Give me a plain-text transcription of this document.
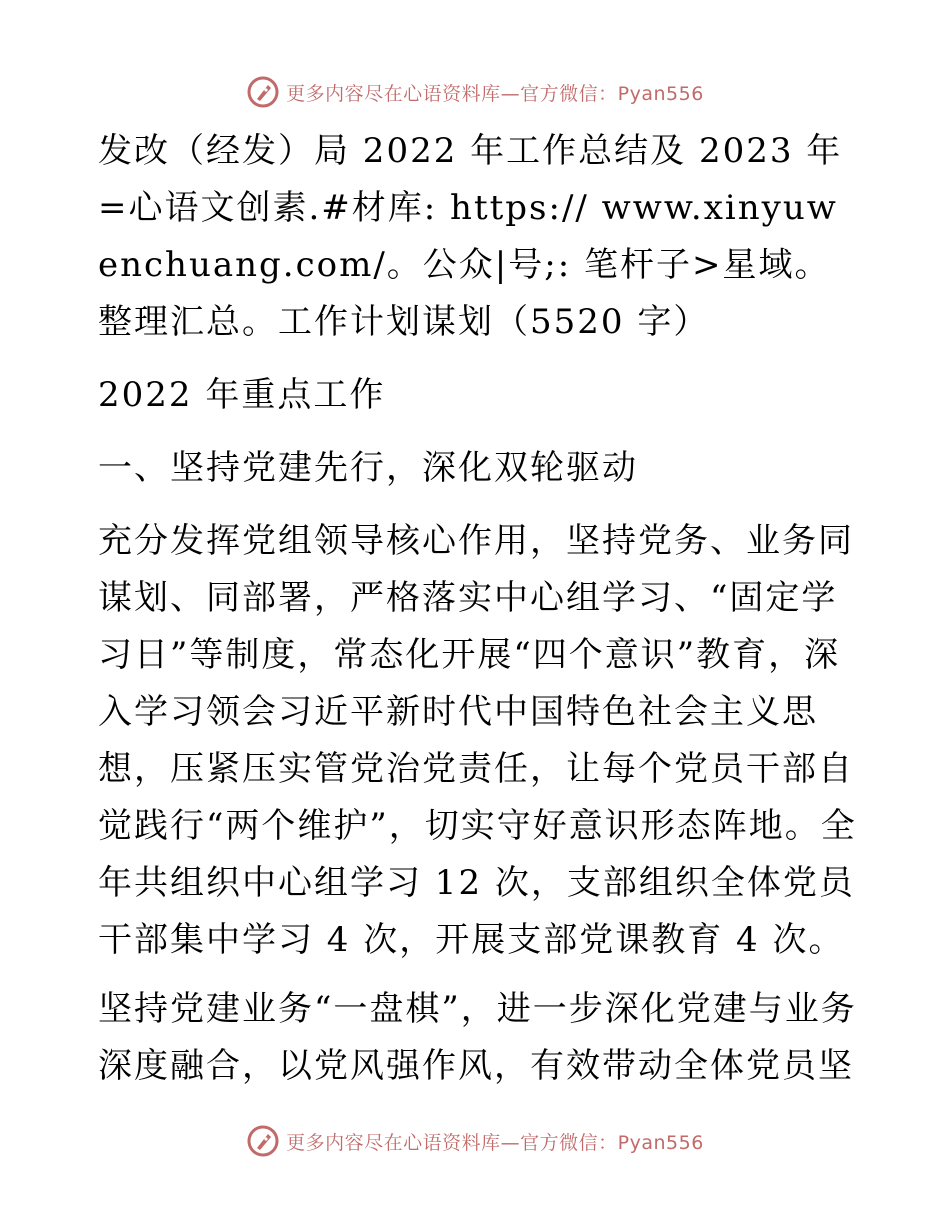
更多内容尽在心语资料库—官方微信：Pyan556

发改（经发）局 2022 年工作总结及 2023 年=心语文创素.#材库: https:// www.xinyuwenchuang.com/。公众|号;: 笔杆子>星域。整理汇总。工作计划谋划（5520 字）

2022 年重点工作

一、坚持党建先行，深化双轮驱动

充分发挥党组领导核心作用，坚持党务、业务同谋划、同部署，严格落实中心组学习、“固定学习日”等制度，常态化开展“四个意识”教育，深入学习领会习近平新时代中国特色社会主义思想，压紧压实管党治党责任，让每个党员干部自觉践行“两个维护”，切实守好意识形态阵地。全年共组织中心组学习 12 次，支部组织全体党员干部集中学习 4 次，开展支部党课教育 4 次。

坚持党建业务“一盘棋”，进一步深化党建与业务深度融合，以党风强作风，有效带动全体党员坚

更多内容尽在心语资料库—官方微信：Pyan556
